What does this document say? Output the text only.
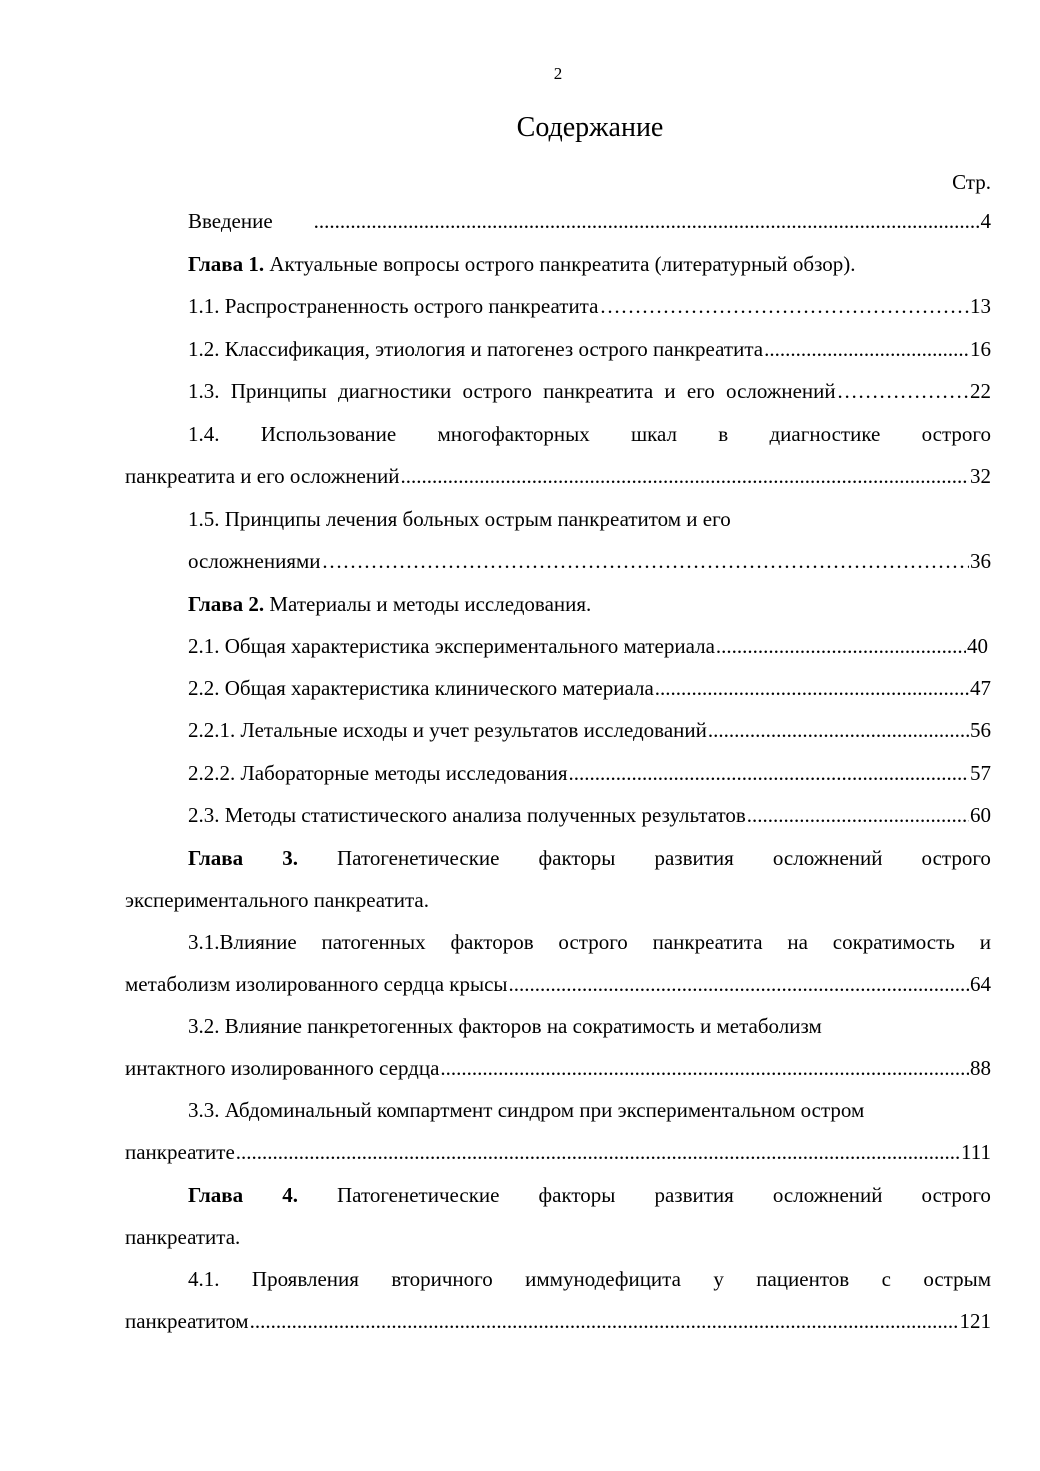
2
Содержание
Стр.
Введение .....	4
Глава 1. Актуальные вопросы острого панкреатита (литературный обзор).
1.1. Распространенность острого панкреатита ……………………………………………………………………………………………………………………………………………………………………………………………………………………	13
1.2. Классификация, этиология и патогенез острого панкреатита .....	16
1.3. Принципы диагностики острого панкреатита и его осложнений ……………………………………………………………………………………………………………………………………………………………………………………………………………………	22
1.4. Использование многофакторных шкал в диагностике острого
панкреатита и его осложнений .....	32
1.5. Принципы лечения больных острым панкреатитом и его
осложнениями ……………………………………………………………………………………………………………………………………………………………………………………………………………………	36
Глава 2. Материалы и методы исследования.
2.1. Общая характеристика экспериментального материала .....	40
2.2. Общая характеристика клинического материала .....	47
2.2.1. Летальные исходы и учет результатов исследований .....	56
2.2.2. Лабораторные методы исследования .....	57
2.3. Методы статистического анализа полученных результатов .....	60
Глава 3. Патогенетические факторы развития осложнений острого
экспериментального панкреатита.
3.1.Влияние патогенных факторов острого панкреатита на сократимость и
метаболизм изолированного сердца крысы .....	64
3.2. Влияние панкретогенных факторов на сократимость и метаболизм
интактного изолированного сердца .....	88
3.3. Абдоминальный компартмент синдром при экспериментальном остром
панкреатите .....	111
Глава 4. Патогенетические факторы развития осложнений острого
панкреатита.
4.1. Проявления вторичного иммунодефицита у пациентов с острым
панкреатитом .....	121
